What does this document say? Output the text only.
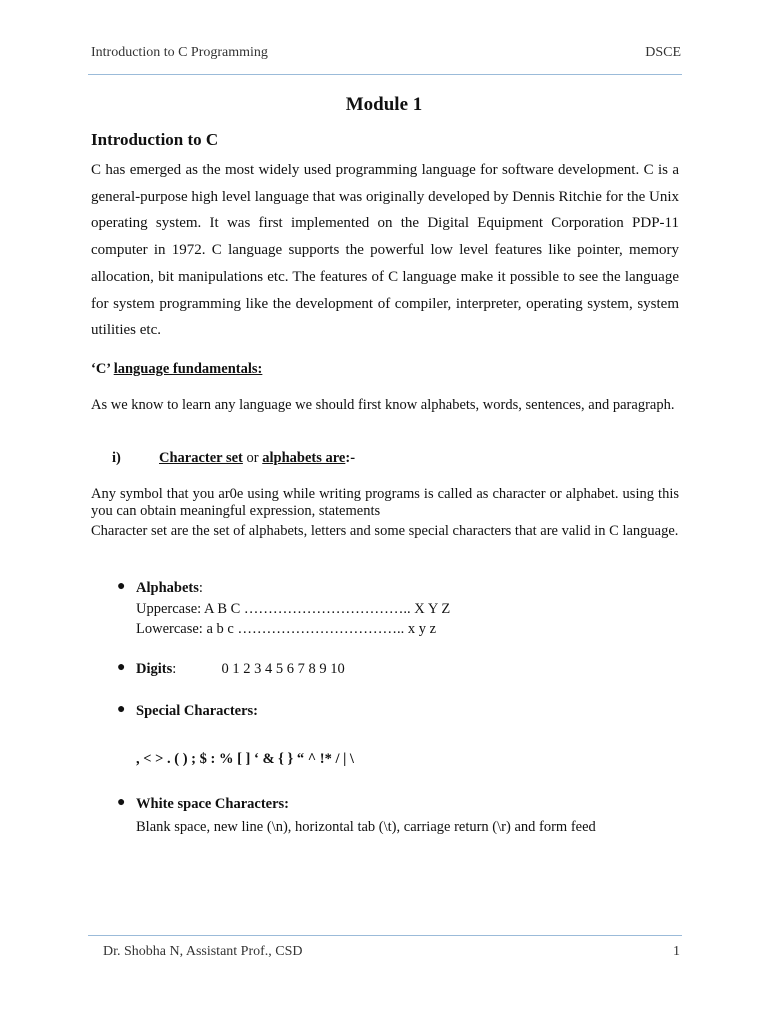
Introduction to C Programming	DSCE
Module 1
Introduction to C
C has emerged as the most widely used programming language for software development. C is a general-purpose high level language that was originally developed by Dennis Ritchie for the Unix operating system. It was first implemented on the Digital Equipment Corporation PDP-11 computer in 1972. C language supports the powerful low level features like pointer, memory allocation, bit manipulations etc. The features of C language make it possible to see the language for system programming like the development of compiler, interpreter, operating system, system utilities etc.
‘C’ language fundamentals:
As we know to learn any language we should first know alphabets, words, sentences, and paragraph.
i)	Character set or alphabets are:-
Any symbol that you ar0e using while writing programs is called as character or alphabet. using this you can obtain meaningful expression, statements
Character set are the set of alphabets, letters and some special characters that are valid in C language.
● Alphabets:
Uppercase: A B C …………………………….. X Y Z
Lowercase: a b c …………………………….. x y z
● Digits:	0 1 2 3 4 5 6 7 8 9 10
● Special Characters:
, < > . ( ) ; $ : % [ ] ‘ & { } “ ^ !* / | \
● White space Characters:
Blank space, new line (\n), horizontal tab (\t), carriage return (\r) and form feed
Dr. Shobha N, Assistant Prof., CSD	1
